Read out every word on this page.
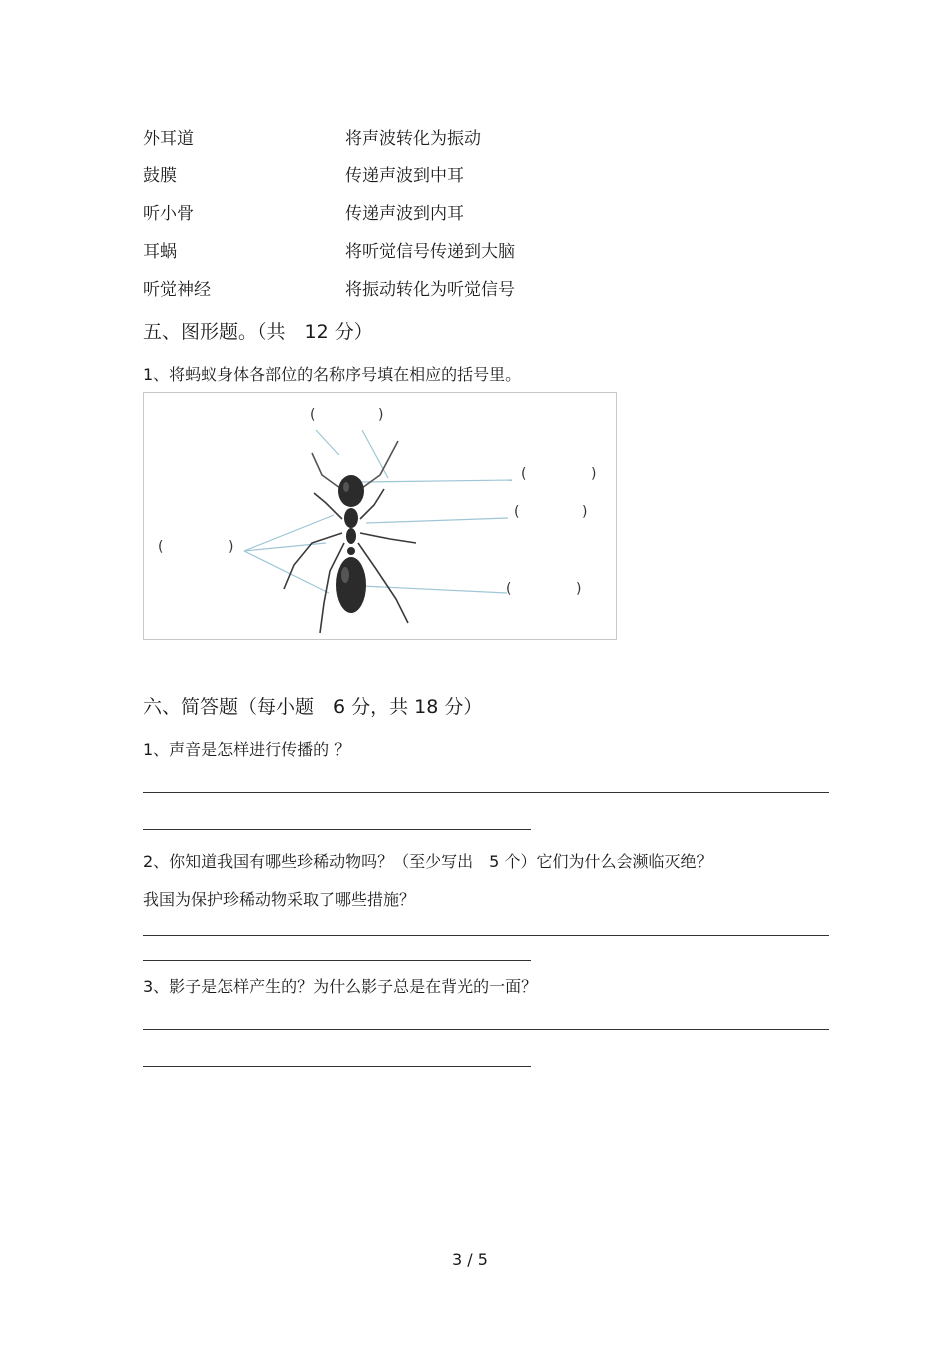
外耳道	将声波转化为振动
鼓膜	传递声波到中耳
听小骨	传递声波到内耳
耳蜗	将听觉信号传递到大脑
听觉神经	将振动转化为听觉信号
五、图形题。（共　12 分）
1、将蚂蚁身体各部位的名称序号填在相应的括号里。
(	)
(	)
(	)
(	)
(	)
六、简答题（每小题　6 分，共 18 分）
1、声音是怎样进行传播的 ？
2、你知道我国有哪些珍稀动物吗？（至少写出　5 个）它们为什么会濒临灭绝？
我国为保护珍稀动物采取了哪些措施？
3、影子是怎样产生的？为什么影子总是在背光的一面？
3 / 5
